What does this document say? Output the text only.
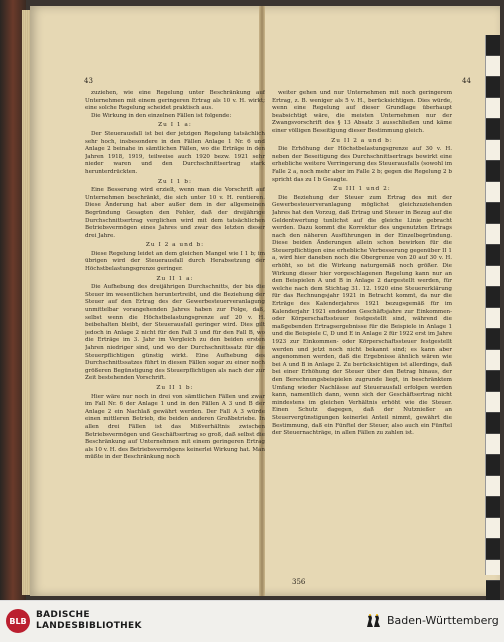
43	44

zuziehen, wie eine Regelung unter Beschränkung auf Unternehmen mit einem geringeren Ertrag als 10 v. H. wirkt; eine solche Regelung scheidet praktisch aus.

Die Wirkung in den einzelnen Fällen ist folgende:

Zu I 1 a:

Der Steuerausfall ist bei der jetzigen Regelung tatsächlich sehr hoch, insbesondere in den Fällen Anlage 1 Nr. 6 und Anlage 2 beinahe in sämtlichen Fällen, wo die Erträge in den Jahren 1918, 1919, teilweise auch 1920 bezw. 1921 sehr nieder waren und den Durchschnittsertrag stark herunterdrückten.

Zu I 1 b:

Eine Besserung wird erzielt, wenn man die Vorschrift auf Unternehmen beschränkt, die sich unter 10 v. H. rentieren. Diese Änderung hat aber außer dem in der allgemeinen Begründung Gesagten den Fehler, daß der dreijährige Durchschnittsertrag verglichen wird mit dem tatsächlichen Betriebsvermögen eines Jahres und zwar des letzten dieser drei Jahre.

Zu I 2 a und b:

Diese Regelung leidet an dem gleichen Mangel wie I 1 b; im übrigen wird der Steuerausfall durch Herabsetzung der Höchstbelastungsgrenze geringer.

Zu II 1 a:

Die Aufhebung des dreijährigen Durchschnitts, der bis die Steuer im wesentlichen heruntertreibt, und die Beziehung der Steuer auf den Ertrag des der Gewerbesteuerveranlagung unmittelbar vorangehenden Jahres haben zur Folge, daß, selbst wenn die Höchstbelastungsgrenze auf 20 v. H. beibehalten bleibt, der Steuerausfall geringer wird. Dies gilt jedoch in Anlage 2 nicht für den Fall 3 und für den Fall B, wo die Erträge im 3. Jahr im Vergleich zu den beiden ersten Jahren niedriger sind, und wo der Durchschnittssatz für die Steuerpflichtigen günstig wirkt. Eine Aufhebung des Durchschnittssatzes führt in diesen Fällen sogar zu einer noch größeren Begünstigung des Steuerpflichtigen als nach der zur Zeit bestehenden Vorschrift.

Zu II 1 b:

Hier wäre nur noch in drei von sämtlichen Fällen und zwar im Fall Nr. 6 der Anlage 1 und in den Fällen A 3 und B der Anlage 2 ein Nachlaß gewährt werden. Der Fall A 3 würde einen mittleren Betrieb, die beiden anderen Großbetriebe. In allen drei Fällen ist das Mißverhältnis zwischen Betriebsvermögen und Geschäftsertrag so groß, daß selbst die Beschränkung auf Unternehmen mit einem geringeren Ertrag als 10 v. H. des Betriebsvermögens keinerlei Wirkung hat. Man müßte in der Beschränkung noch

weiter gehen und nur Unternehmen mit noch geringerem Ertrag, z. B. weniger als 5 v. H., berücksichtigen. Dies würde, wenn eine Regelung auf dieser Grundlage überhaupt beabsichtigt wäre, die meisten Unternehmen nur der Zwangsvorschrift des § 13 Absatz 3 ausschließen und käme einer völligen Beseitigung dieser Bestimmung gleich.

Zu II 2 a und b:

Die Erhöhung der Höchstbelastungsgrenze auf 30 v. H. neben der Beseitigung des Durchschnittsertrags bewirkt eine erhebliche weitere Verringerung des Steuerausfalls (sowohl im Falle 2 a, noch mehr aber im Falle 2 b; gegen die Regelung 2 b spricht das zu I b Gesagte.

Zu III 1 und 2:

Die Beziehung der Steuer zum Ertrag des mit der Gewerbesteuerveranlagung möglichst gleichzuziehenden Jahres hat den Vorzug, daß Ertrag und Steuer in Bezug auf die Geldentwertung tunlichst auf die gleiche Linie gebracht werden. Dazu kommt die Korrektur des ungenutzten Ertrags nach den näheren Ausführungen in der Einzelbegründung. Diese beiden Änderungen allein schon bewirken für die Steuerpflichtigen eine erhebliche Verbesserung gegenüber II 1 a, wird hier daneben noch die Obergrenze von 20 auf 30 v. H. erhöht, so ist die Wirkung naturgemäß noch größer. Die Wirkung dieser hier vorgeschlagenen Regelung kann nur an den Beispielen A und B in Anlage 2 dargestellt werden, für welche nach dem Stichtag 31. 12. 1920 eine Steuererklärung für das Rechnungsjahr 1921 in Betracht kommt, da nur die Erträge des Kalenderjahres 1921 bezugsgemäß für im Kalenderjahr 1921 endenden Geschäftsjahre zur Einkommen- oder Körperschaftssteuer festgestellt sind, während die maßgebenden Ertragsergebnisse für die Beispiele in Anlage 1 und die Beispiele C, D und E in Anlage 2 für 1922 erst im Jahre 1923 zur Einkommen- oder Körperschaftssteuer festgestellt werden und jetzt noch nicht bekannt sind; es kann aber angenommen werden, daß die Ergebnisse ähnlich wären wie bei A und B in Anlage 2. Zu berücksichtigen ist allerdings, daß bei einer Erhöhung der Steuer über den Betrag hinaus, der den Berechnungsbeispielen zugrunde liegt, in beschränktem Umfang wieder Nachlässe auf Steuerausfall erfolgen werden kann, namentlich dann, wenn sich der Geschäftsertrag nicht mindestens im gleichen Verhältnis erhöht wie die Steuer. Einen Schutz dagegen, daß der Nutznießer an Steuervergünstigungen keinerlei Anteil nimmt, gewährt die Bestimmung, daß ein Fünftel der Steuer, also auch ein Fünftel der Steuernachträge, in allen Fällen zu zahlen ist.

356
BLB
BADISCHE
LANDESBIBLIOTHEK	Baden-Württemberg
